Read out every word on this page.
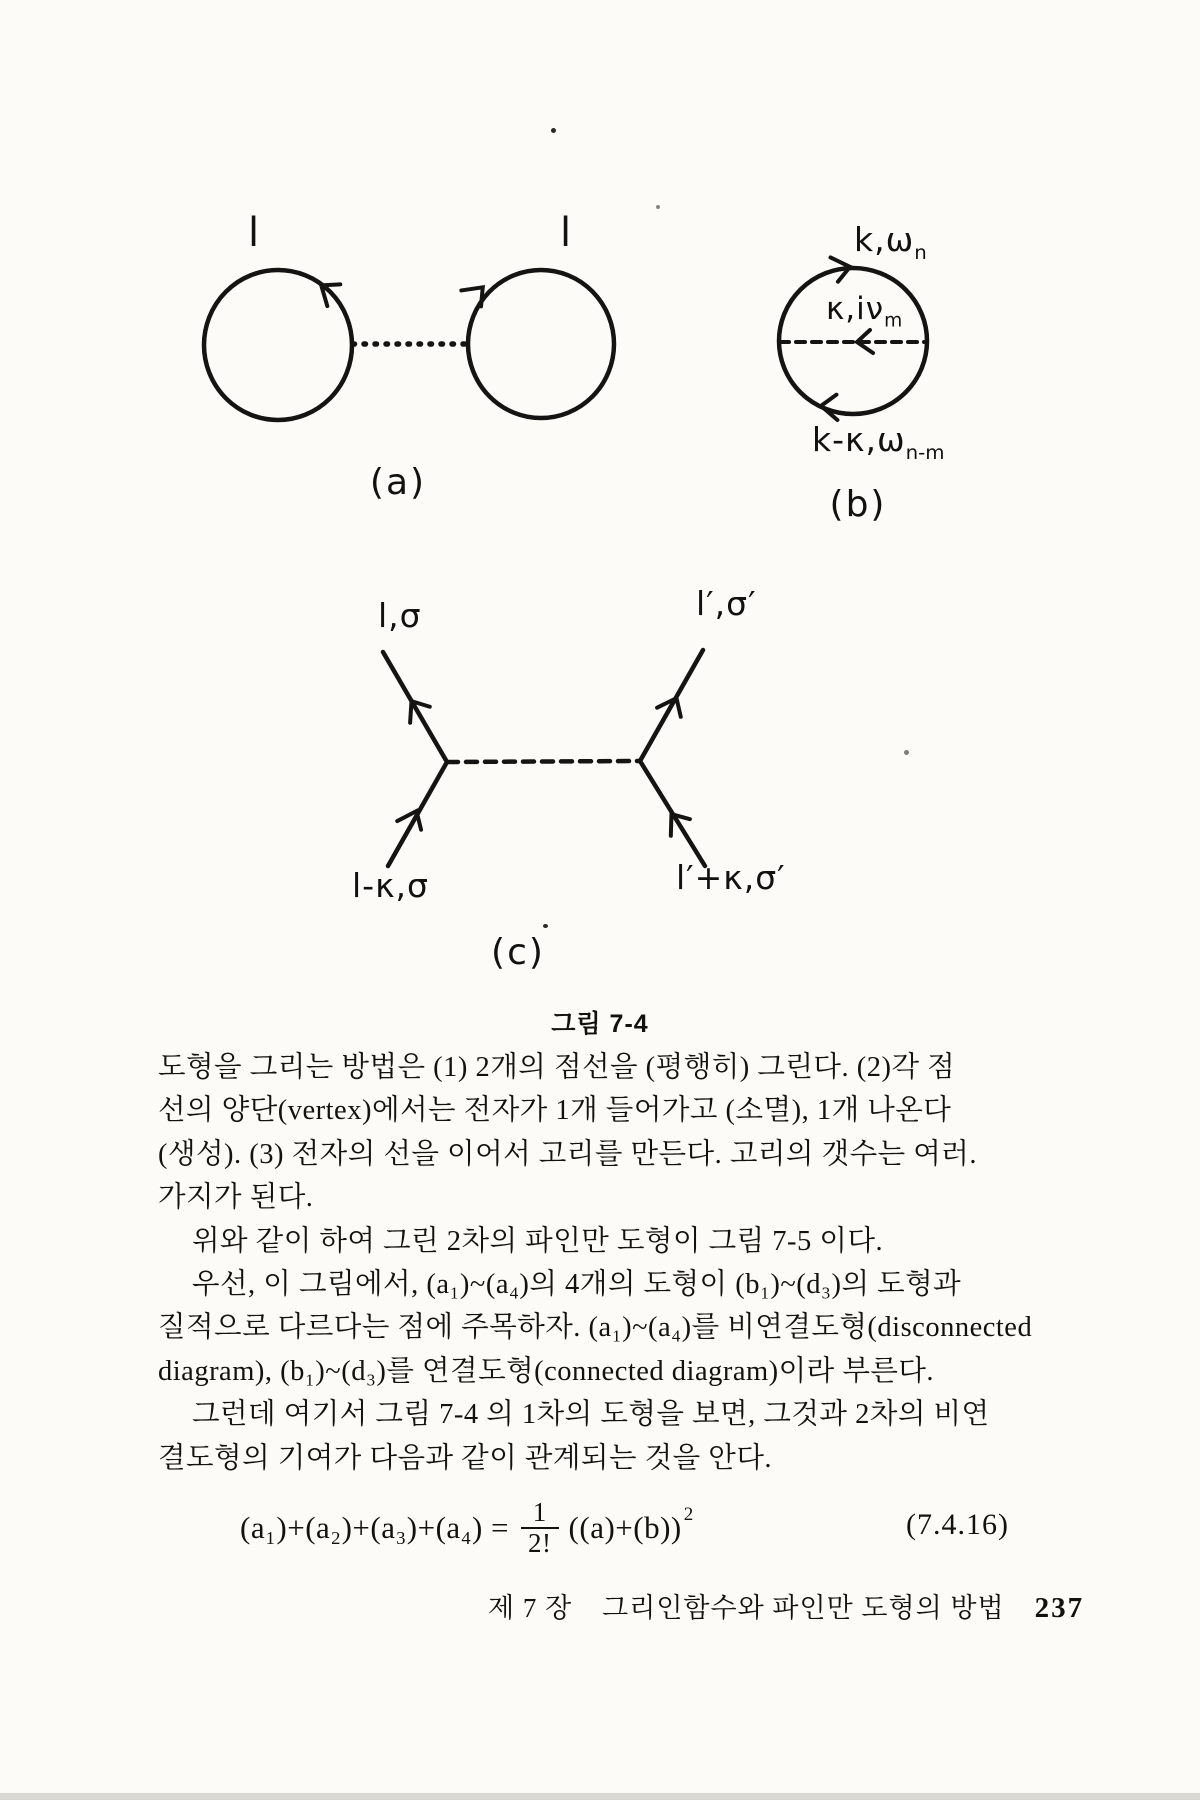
l	l
(a)
$k,\omega_n$
$\kappa,i\nu_m$
$k-\kappa,\omega_{n-m}$
(b)
l,σ	l′,σ′
l-κ,σ	l′+κ,σ′
(c)
그림 7-4
도형을 그리는 방법은 (1) 2개의 점선을 (평행히) 그린다. (2)각 점
선의 양단(vertex)에서는 전자가 1개 들어가고 (소멸), 1개 나온다
(생성). (3) 전자의 선을 이어서 고리를 만든다. 고리의 갯수는 여러.
가지가 된다.
위와 같이 하여 그린 2차의 파인만 도형이 그림 7-5 이다.
우선, 이 그림에서, (a₁)~(a₄)의 4개의 도형이 (b₁)~(d₃)의 도형과
질적으로 다르다는 점에 주목하자. (a₁)~(a₄)를 비연결도형(disconnected
diagram), (b₁)~(d₃)를 연결도형(connected diagram)이라 부른다.
그런데 여기서 그림 7-4 의 1차의 도형을 보면, 그것과 2차의 비연
결도형의 기여가 다음과 같이 관계되는 것을 안다.
$(a_1)+(a_2)+(a_3)+(a_4) = \frac{1}{2!} ((a)+(b))$ 2	(7.4.16)
제 7 장 그리인함수와 파인만 도형의 방법 237
